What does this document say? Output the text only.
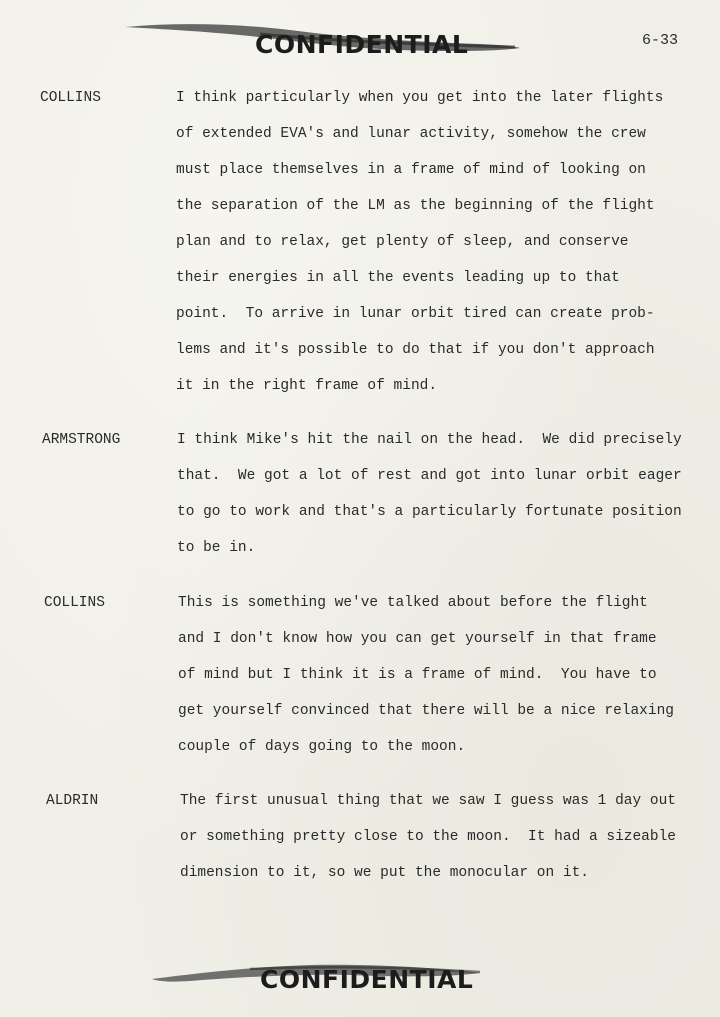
CONFIDENTIAL	6-33
COLLINS	I think particularly when you get into the later flights
of extended EVA's and lunar activity, somehow the crew
must place themselves in a frame of mind of looking on
the separation of the LM as the beginning of the flight
plan and to relax, get plenty of sleep, and conserve
their energies in all the events leading up to that
point.  To arrive in lunar orbit tired can create prob-
lems and it's possible to do that if you don't approach
it in the right frame of mind.
ARMSTRONG	I think Mike's hit the nail on the head.  We did precisely
that.  We got a lot of rest and got into lunar orbit eager
to go to work and that's a particularly fortunate position
to be in.
COLLINS	This is something we've talked about before the flight
and I don't know how you can get yourself in that frame
of mind but I think it is a frame of mind.  You have to
get yourself convinced that there will be a nice relaxing
couple of days going to the moon.
ALDRIN	The first unusual thing that we saw I guess was 1 day out
or something pretty close to the moon.  It had a sizeable
dimension to it, so we put the monocular on it.
CONFIDENTIAL
